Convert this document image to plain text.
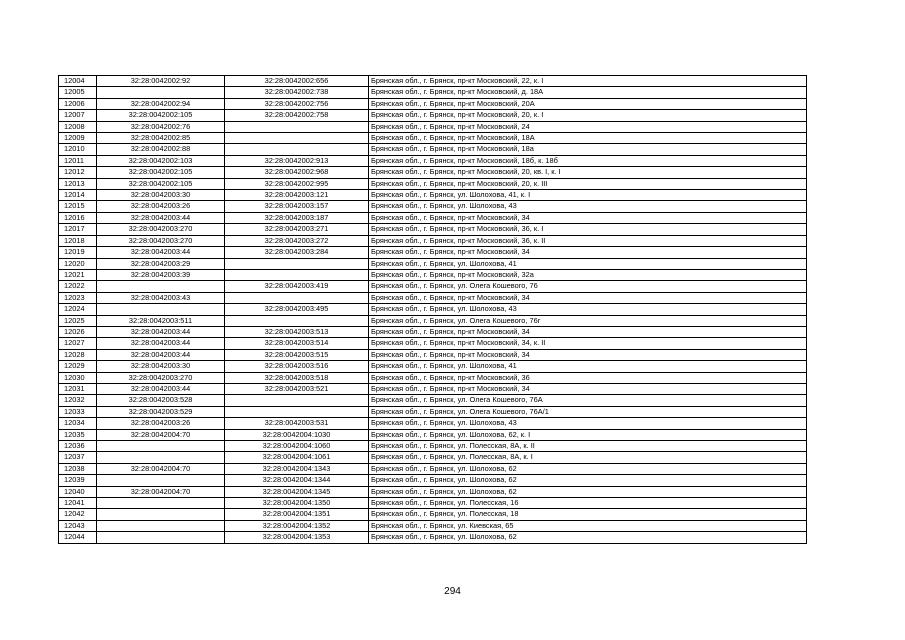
12004	32:28:0042002:92	32:28:0042002:656	Брянская обл., г. Брянск, пр-кт Московский, 22, к. I
12005		32:28:0042002:738	Брянская обл., г. Брянск, пр-кт Московский, д. 18А
12006	32:28:0042002:94	32:28:0042002:756	Брянская обл., г. Брянск, пр-кт Московский, 20А
12007	32:28:0042002:105	32:28:0042002:758	Брянская обл., г. Брянск, пр-кт Московский, 20, к. I
12008	32:28:0042002:76		Брянская обл., г. Брянск, пр-кт Московский, 24
12009	32:28:0042002:85		Брянская обл., г. Брянск, пр-кт Московский, 18А
12010	32:28:0042002:88		Брянская обл., г. Брянск, пр-кт Московский, 18а
12011	32:28:0042002:103	32:28:0042002:913	Брянская обл., г. Брянск, пр-кт Московский, 18б, к. 18б
12012	32:28:0042002:105	32:28:0042002:968	Брянская обл., г. Брянск, пр-кт Московский, 20, кв. I, к. I
12013	32:28:0042002:105	32:28:0042002:995	Брянская обл., г. Брянск, пр-кт Московский, 20, к. III
12014	32:28:0042003:30	32:28:0042003:121	Брянская обл., г. Брянск, ул. Шолохова, 41, к. I
12015	32:28:0042003:26	32:28:0042003:157	Брянская обл., г. Брянск, ул. Шолохова, 43
12016	32:28:0042003:44	32:28:0042003:187	Брянская обл., г. Брянск, пр-кт Московский, 34
12017	32:28:0042003:270	32:28:0042003:271	Брянская обл., г. Брянск, пр-кт Московский, 36, к. I
12018	32:28:0042003:270	32:28:0042003:272	Брянская обл., г. Брянск, пр-кт Московский, 36, к. II
12019	32:28:0042003:44	32:28:0042003:284	Брянская обл., г. Брянск, пр-кт Московский, 34
12020	32:28:0042003:29		Брянская обл., г. Брянск, ул. Шолохова, 41
12021	32:28:0042003:39		Брянская обл., г. Брянск, пр-кт Московский, 32а
12022		32:28:0042003:419	Брянская обл., г. Брянск, ул. Олега Кошевого, 76
12023	32:28:0042003:43		Брянская обл., г. Брянск, пр-кт Московский, 34
12024		32:28:0042003:495	Брянская обл., г. Брянск, ул. Шолохова, 43
12025	32:28:0042003:511		Брянская обл., г. Брянск, ул. Олега Кошевого, 76г
12026	32:28:0042003:44	32:28:0042003:513	Брянская обл., г. Брянск, пр-кт Московский, 34
12027	32:28:0042003:44	32:28:0042003:514	Брянская обл., г. Брянск, пр-кт Московский, 34, к. II
12028	32:28:0042003:44	32:28:0042003:515	Брянская обл., г. Брянск, пр-кт Московский, 34
12029	32:28:0042003:30	32:28:0042003:516	Брянская обл., г. Брянск, ул. Шолохова, 41
12030	32:28:0042003:270	32:28:0042003:518	Брянская обл., г. Брянск, пр-кт Московский, 36
12031	32:28:0042003:44	32:28:0042003:521	Брянская обл., г. Брянск, пр-кт Московский, 34
12032	32:28:0042003:528		Брянская обл., г. Брянск, ул. Олега Кошевого, 76А
12033	32:28:0042003:529		Брянская обл., г. Брянск, ул. Олега Кошевого, 76А/1
12034	32:28:0042003:26	32:28:0042003:531	Брянская обл., г. Брянск, ул. Шолохова, 43
12035	32:28:0042004:70	32:28:0042004:1030	Брянская обл., г. Брянск, ул. Шолохова, 62, к. I
12036		32:28:0042004:1060	Брянская обл., г. Брянск, ул. Полесская, 8А, к. II
12037		32:28:0042004:1061	Брянская обл., г. Брянск, ул. Полесская, 8А, к. I
12038	32:28:0042004:70	32:28:0042004:1343	Брянская обл., г. Брянск, ул. Шолохова, 62
12039		32:28:0042004:1344	Брянская обл., г. Брянск, ул. Шолохова, 62
12040	32:28:0042004:70	32:28:0042004:1345	Брянская обл., г. Брянск, ул. Шолохова, 62
12041		32:28:0042004:1350	Брянская обл., г. Брянск, ул. Полесская, 16
12042		32:28:0042004:1351	Брянская обл., г. Брянск, ул. Полесская, 18
12043		32:28:0042004:1352	Брянская обл., г. Брянск, ул. Киевская, 65
12044		32:28:0042004:1353	Брянская обл., г. Брянск, ул. Шолохова, 62
294
